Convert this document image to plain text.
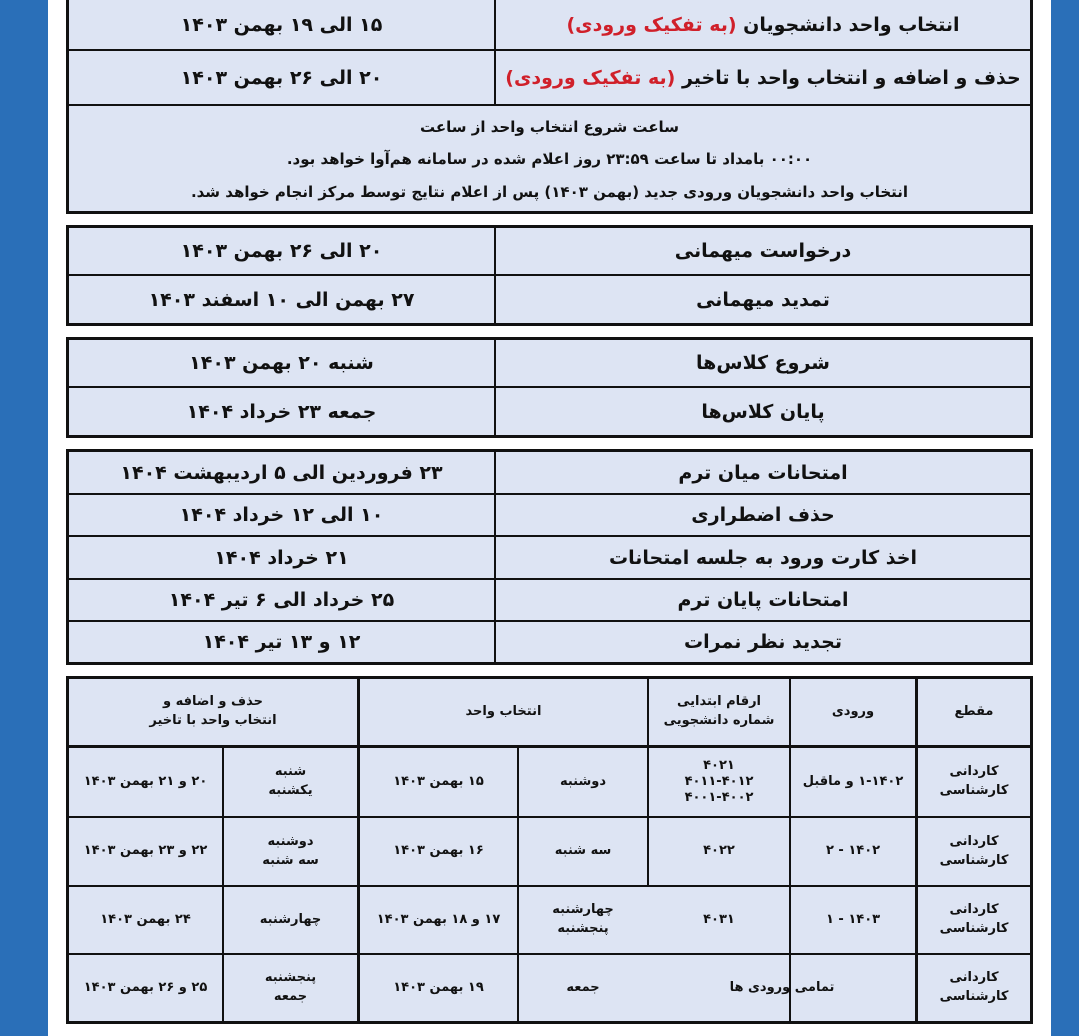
انتخاب واحد دانشجویان

(به تفکیک ورودی)
۱۵ الی ۱۹ بهمن ۱۴۰۳
حذف و اضافه و انتخاب واحد با تاخیر

(به تفکیک ورودی)
۲۰ الی ۲۶ بهمن ۱۴۰۳
ساعت شروع انتخاب واحد از ساعت
۰۰:۰۰ بامداد تا ساعت ۲۳:۵۹ روز اعلام شده در سامانه هم‌آوا خواهد بود.
انتخاب واحد دانشجویان ورودی جدید (بهمن ۱۴۰۳) پس از اعلام نتایج توسط مرکز انجام خواهد شد.
درخواست میهمانی
۲۰ الی ۲۶ بهمن ۱۴۰۳
تمدید میهمانی
۲۷ بهمن الی ۱۰ اسفند ۱۴۰۳
شروع کلاس‌ها
شنبه ۲۰ بهمن ۱۴۰۳
پایان کلاس‌ها
جمعه ۲۳ خرداد ۱۴۰۴
امتحانات میان ترم
۲۳ فروردین الی ۵ اردیبهشت ۱۴۰۴
حذف اضطراری
۱۰ الی ۱۲ خرداد ۱۴۰۴
اخذ کارت ورود به جلسه امتحانات
۲۱ خرداد ۱۴۰۴
امتحانات پایان ترم
۲۵ خرداد الی ۶ تیر ۱۴۰۴
تجدید نظر نمرات
۱۲ و ۱۳ تیر ۱۴۰۴
مقطع
ورودی
ارقام ابتدایی
شماره دانشجویی
انتخاب واحد
حذف و اضافه و
انتخاب واحد با تاخیر
کاردانی
کارشناسی
۱-۱۴۰۲ و ماقبل
۴۰۲۱
۴۰۱۱-۴۰۱۲
۴۰۰۱-۴۰۰۲
دوشنبه
۱۵ بهمن ۱۴۰۳
شنبه
یکشنبه
۲۰ و ۲۱ بهمن ۱۴۰۳
کاردانی
کارشناسی
۱۴۰۲ - ۲
۴۰۲۲
سه شنبه
۱۶ بهمن ۱۴۰۳
دوشنبه
سه شنبه
۲۲ و ۲۳ بهمن ۱۴۰۳
کاردانی
کارشناسی
۱۴۰۳ - ۱
۴۰۳۱
چهارشنبه
پنجشنبه
۱۷ و ۱۸ بهمن ۱۴۰۳
چهارشنبه
۲۴ بهمن ۱۴۰۳
کاردانی
کارشناسی
تمامی ورودی ها
جمعه
۱۹ بهمن ۱۴۰۳
پنجشنبه
جمعه
۲۵ و ۲۶ بهمن ۱۴۰۳
